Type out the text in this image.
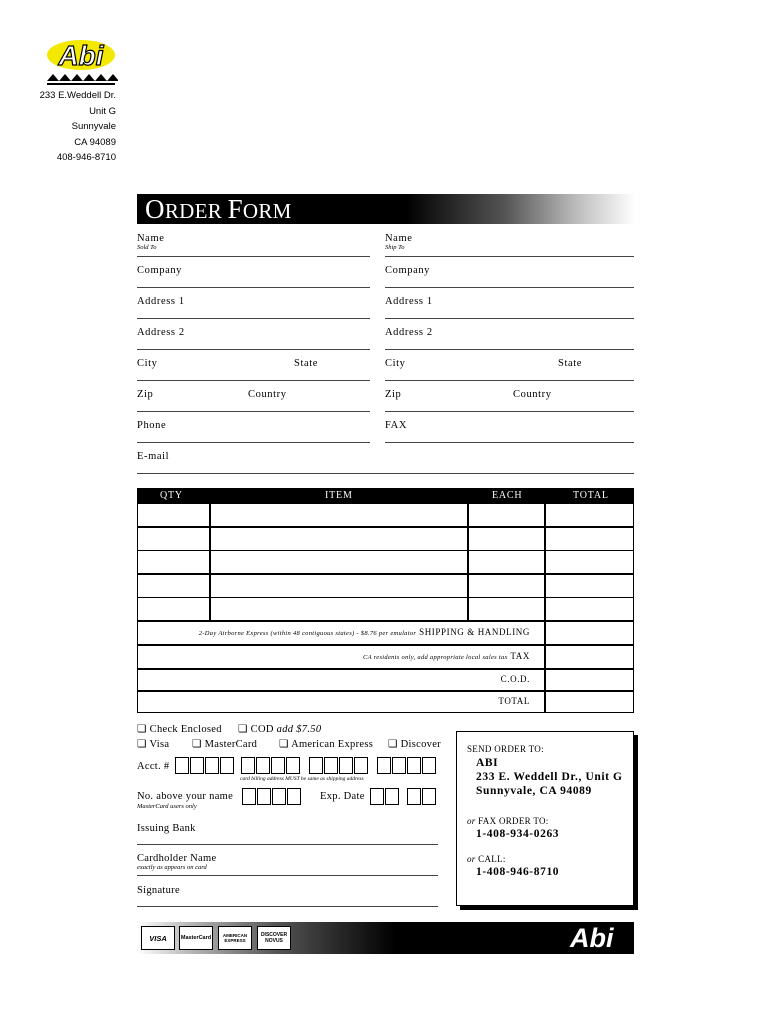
Abi
233 E.Weddell Dr.
Unit G
Sunnyvale
CA 94089
408-946-8710
ORDER FORM
Name
Sold To
Company
Address 1
Address 2
City	State
Zip	Country
Phone
E-mail
Name
Ship To
Company
Address 1
Address 2
City	State
Zip	Country
FAX
QTY	ITEM	EACH	TOTAL
2-Day Airborne Express (within 48 contiguous states) - $8.76 per emulator SHIPPING & HANDLING
CA residents only, add appropriate local sales tax TAX
C.O.D.
TOTAL
❏ Check Enclosed ❏ COD add $7.50
❏ Visa ❏ MasterCard ❏ American Express ❏ Discover
Acct. #
card billing address MUST be same as shipping address
No. above your name
MasterCard users only
Exp. Date
Issuing Bank
Cardholder Name
exactly as appears on card
Signature
SEND ORDER TO:
ABI
233 E. Weddell Dr., Unit G
Sunnyvale, CA 94089
or FAX ORDER TO:
1-408-934-0263
or CALL:
1-408-946-8710
VISA	MasterCard	AMERICAN EXPRESS
DISCOVER NOVUS	Abi
